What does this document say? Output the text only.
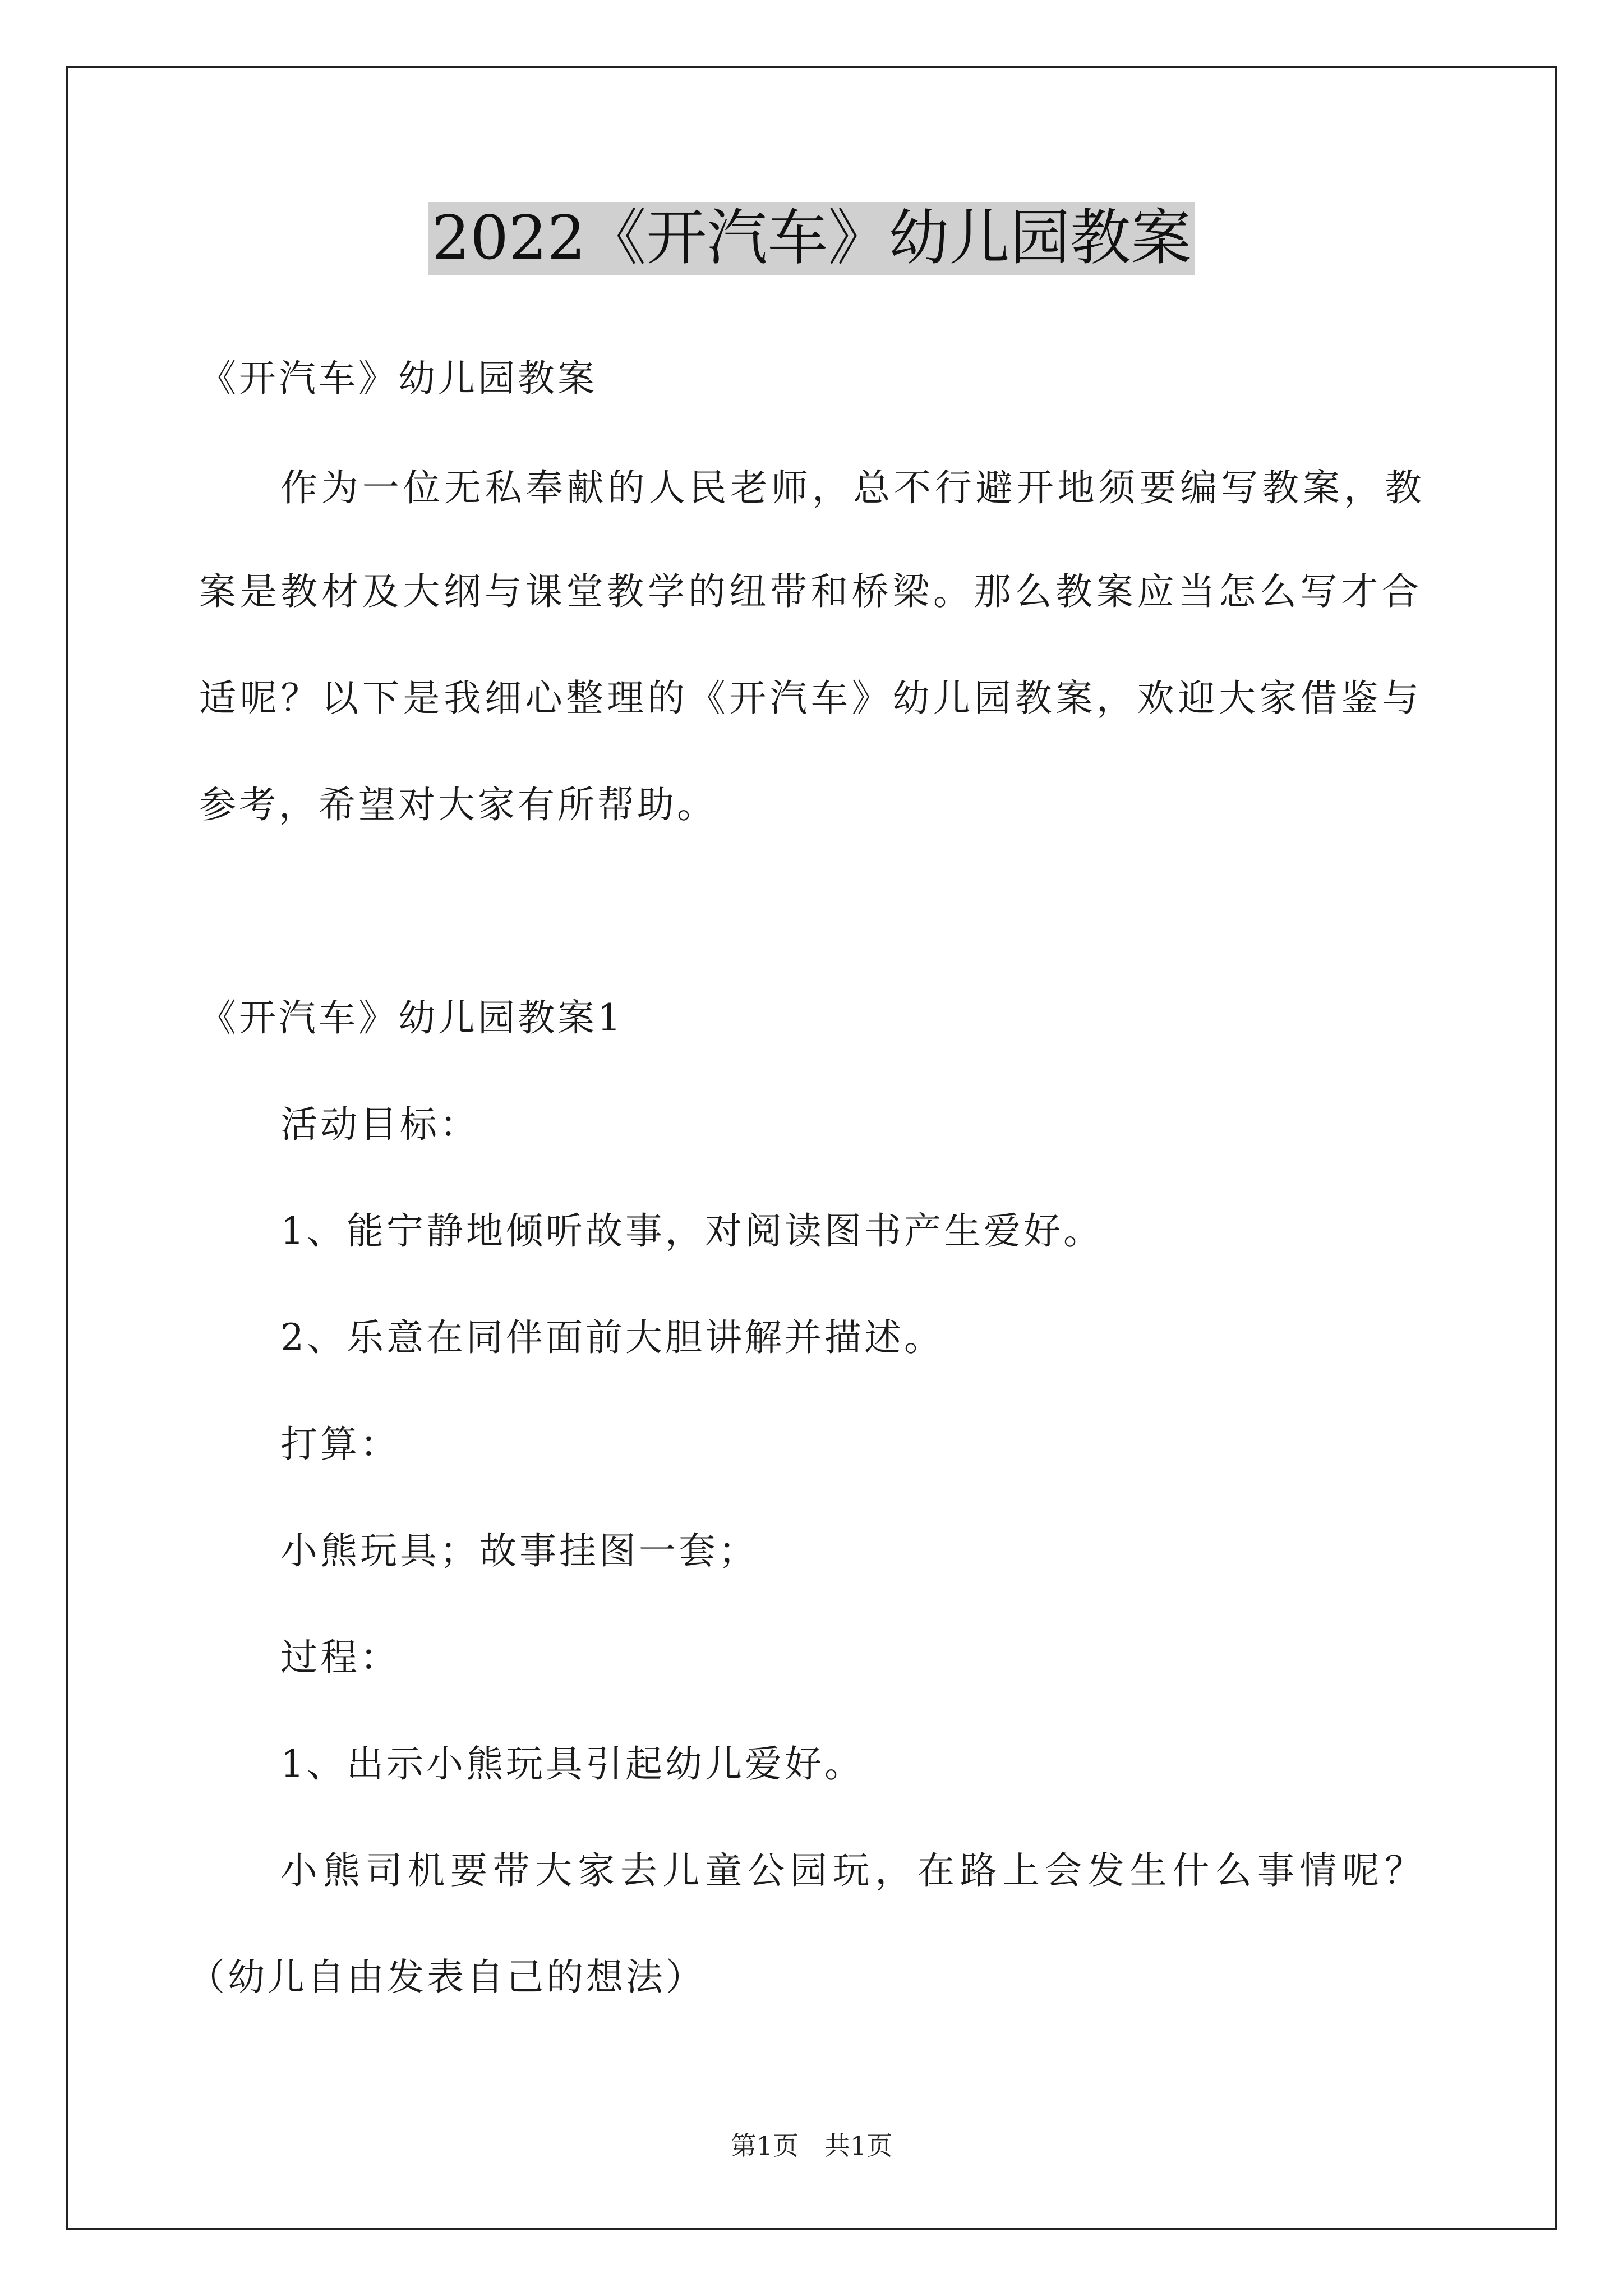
2022《开汽车》幼儿园教案
《开汽车》幼儿园教案
作为一位无私奉献的人民老师，总不行避开地须要编写教案，教
案是教材及大纲与课堂教学的纽带和桥梁。那么教案应当怎么写才合
适呢？以下是我细心整理的《开汽车》幼儿园教案，欢迎大家借鉴与
参考，希望对大家有所帮助。
《开汽车》幼儿园教案1
活动目标：
1、能宁静地倾听故事，对阅读图书产生爱好。
2、乐意在同伴面前大胆讲解并描述。
打算：
小熊玩具；故事挂图一套；
过程：
1、出示小熊玩具引起幼儿爱好。
小熊司机要带大家去儿童公园玩，在路上会发生什么事情呢？
（幼儿自由发表自己的想法）
第1页　共1页
